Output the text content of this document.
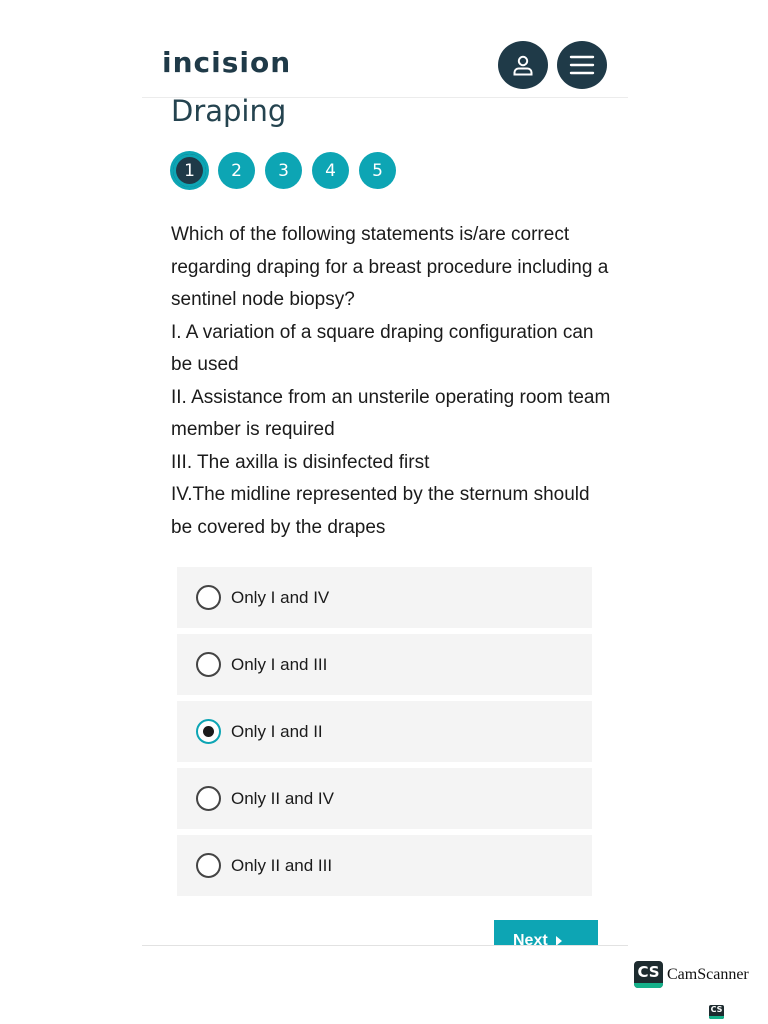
incision
Draping
1	2	3	4	5

Which of the following statements is/are correct regarding draping for a breast procedure including a sentinel node biopsy?

I. A variation of a square draping configuration can be used

II. Assistance from an unsterile operating room team member is required

III. The axilla is disinfected first

IV.The midline represented by the sternum should be covered by the drapes

Only I and IV
Only I and III
Only I and II
Only II and IV
Only II and III
Next
CS CamScanner
CS
